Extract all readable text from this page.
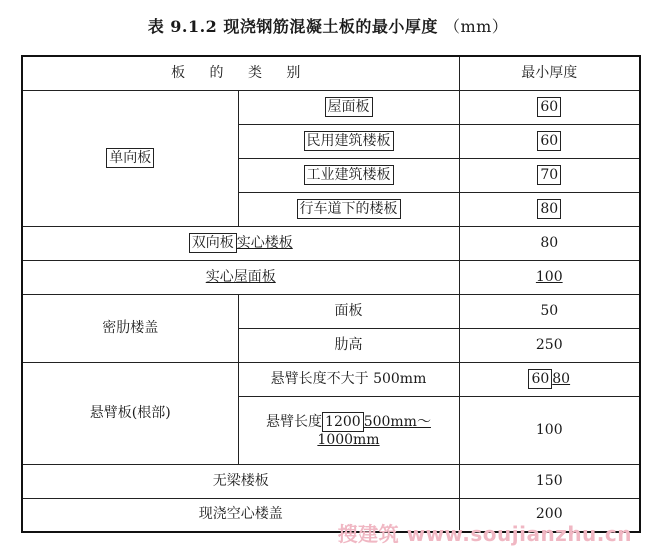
表 9.1.2 现浇钢筋混凝土板的最小厚度 （mm）
板 的 类 别		最小厚度
单向板	屋面板	60
	民用建筑楼板	60
	工业建筑楼板	70
	行车道下的楼板	80
双向板 实心楼板		80
实心屋面板		100
密肋楼盖	面板	50
	肋高	250
悬臂板(根部)	悬臂长度不大于 500mm	60 80
	悬臂长度 1200 500mm～
1000mm	100
无梁楼板		150
现浇空心楼盖		200
搜建筑 www.soujianzhu.cn
